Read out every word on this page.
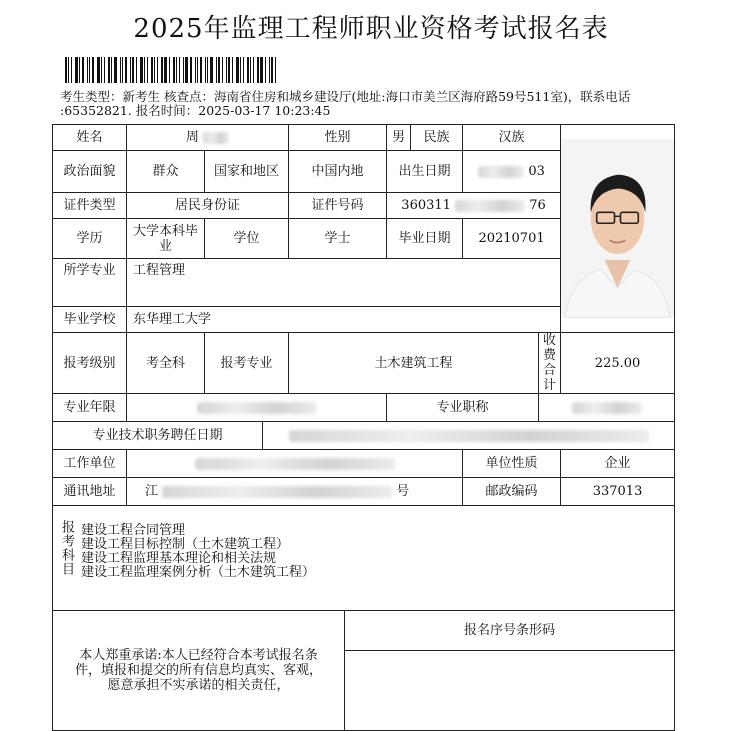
2025年监理工程师职业资格考试报名表
考生类型：新考生 核查点：海南省住房和城乡建设厅(地址:海口市美兰区海府路59号511室)，联系电话
:65352821. 报名时间：2025-03-17 10:23:45
姓名	周			性别		男	民族	汉族	

政治面貌	群众	国家和地区		中国内地		出生日期		03		
证件类型	居民身份证			证件号码		360311 76				
学历	大学本科毕业	学位		学士		毕业日期		20210701		
所学专业	工程管理									
毕业学校	东华理工大学									
报考级别	考全科	报考专业		土木建筑工程					收费合计	225.00
专业年限						专业职称				
专业技术职务聘任日期										
工作单位								单位性质		企业
通讯地址	江 号							邮政编码		337013

报考科目 建设工程合同管理
建设工程目标控制（土木建筑工程）
建设工程监理基本理论和相关法规
建设工程监理案例分析（土木建筑工程）										

本人郑重承诺:本人已经符合本考试报名条
件，填报和提交的所有信息均真实、客观，
愿意承担不实承诺的相关责任，					报名序号条形码					
